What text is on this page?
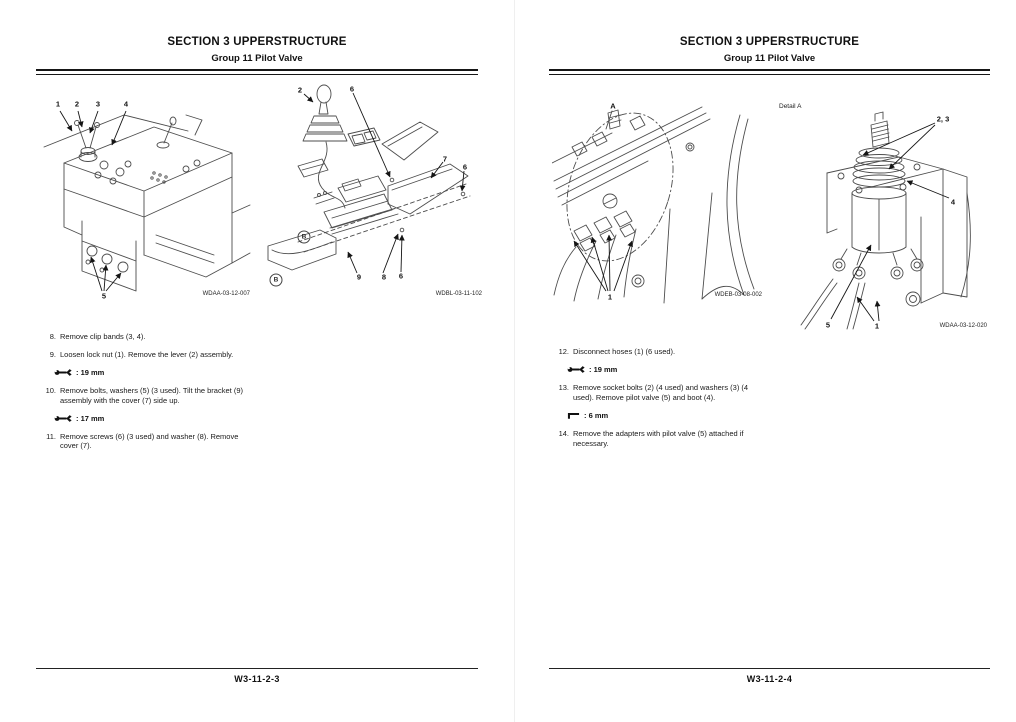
SECTION 3 UPPERSTRUCTURE
Group 11 Pilot Valve
1 2 3	4
5	WDAA-03-12-007
2	6
7
6
9	8 6
B
B
WDBL-03-11-102
8. Remove clip bands (3, 4).
9. Loosen lock nut (1). Remove the lever (2) assembly.
: 19 mm
10. Remove bolts, washers (5) (3 used). Tilt the bracket (9) assembly with the cover (7) side up.
: 17 mm
11. Remove screws (6) (3 used) and washer (8). Remove cover (7).
W3-11-2-3
SECTION 3 UPPERSTRUCTURE
Group 11 Pilot Valve
A
1	WDEB-03-08-002
Detail A
2, 3
4
5	1	WDAA-03-12-020
12. Disconnect hoses (1) (6 used).
: 19 mm
13. Remove socket bolts (2) (4 used) and washers (3) (4 used). Remove pilot valve (5) and boot (4).
: 6 mm
14. Remove the adapters with pilot valve (5) attached if necessary.
W3-11-2-4
